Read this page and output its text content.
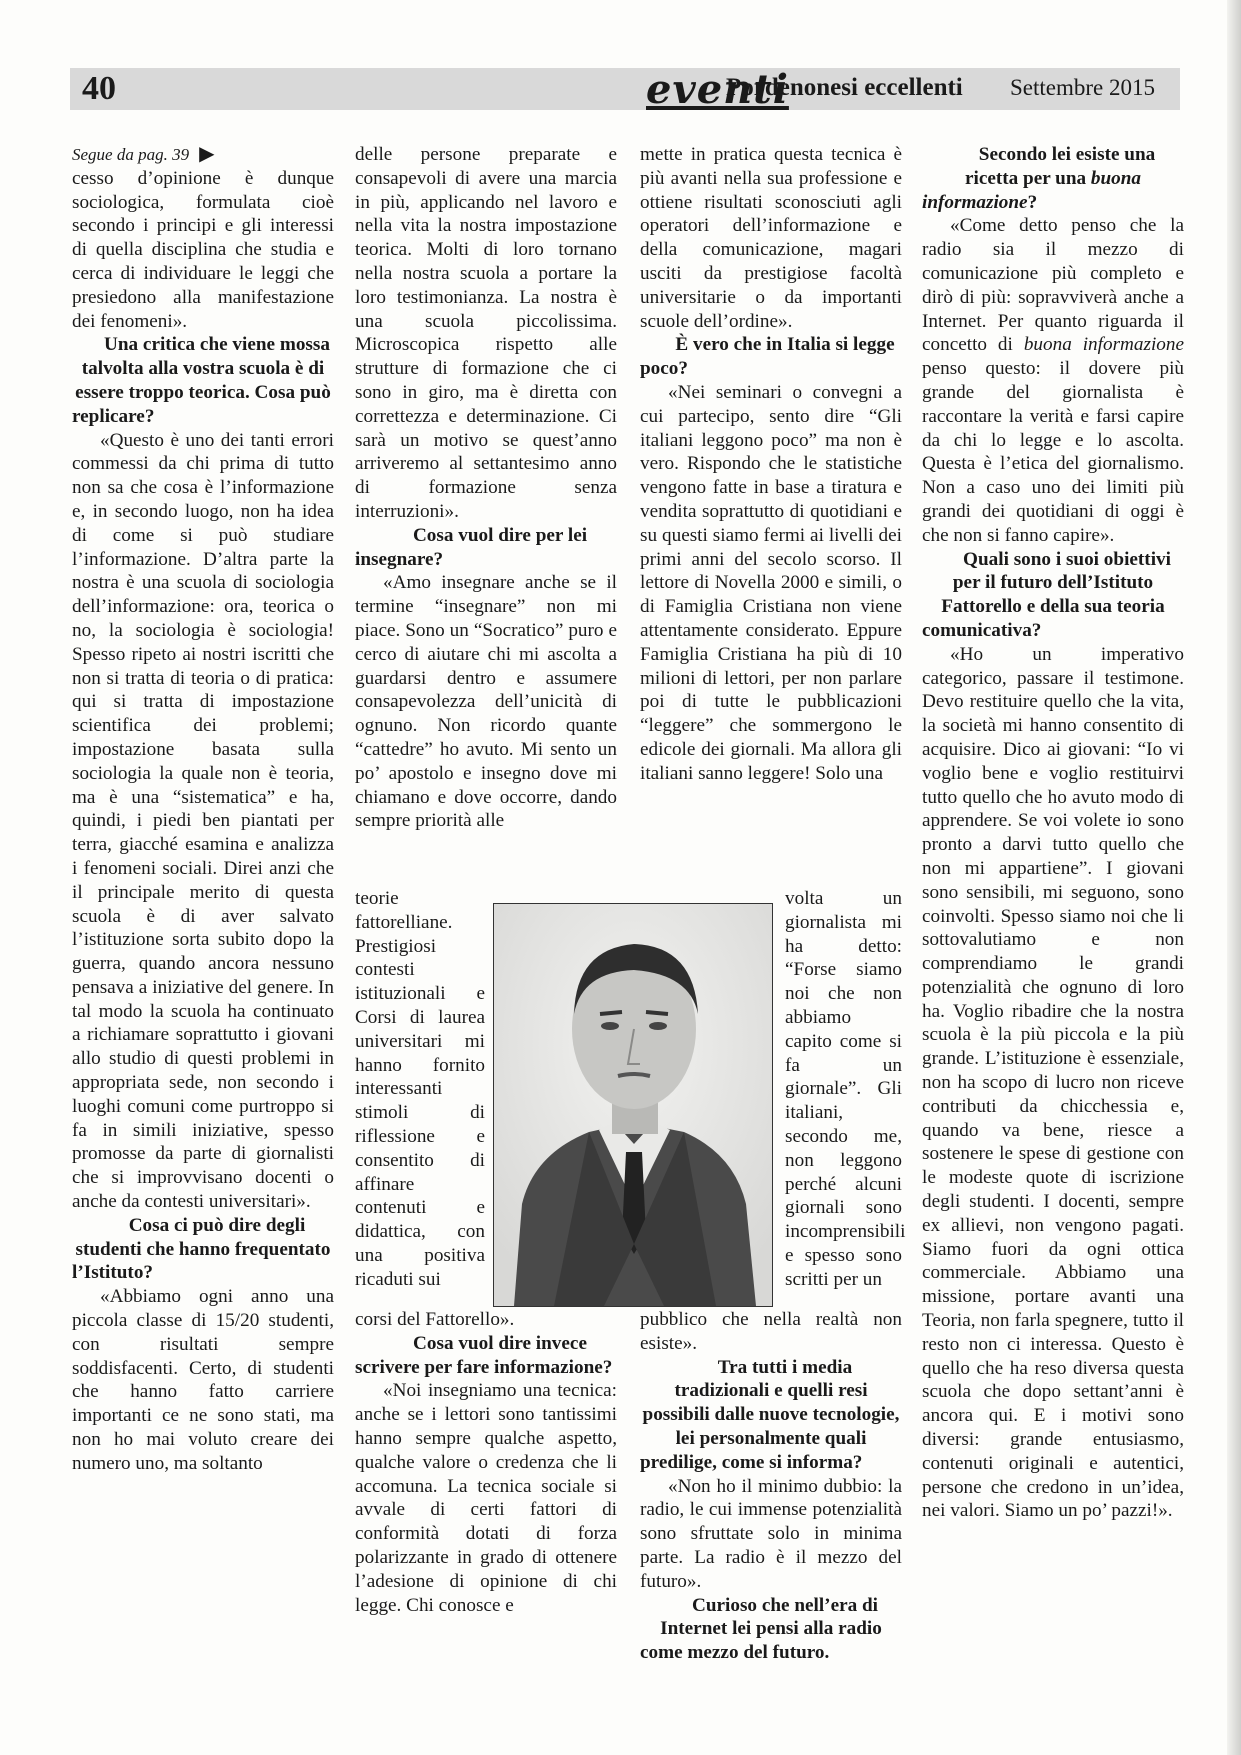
40	eventi
Pordenonesi eccellenti Settembre 2015

Segue da pag. 39 ▶

cesso d’opinione è dunque sociologica, formulata cioè secondo i principi e gli interessi di quella disciplina che studia e cerca di individuare le leggi che presiedono alla manifestazione dei fenomeni».

Una critica che viene mossa talvolta alla vostra scuola è di essere troppo teorica. Cosa può replicare?

«Questo è uno dei tanti errori commessi da chi prima di tutto non sa che cosa è l’informazione e, in secondo luogo, non ha idea di come si può studiare l’informazione. D’altra parte la nostra è una scuola di sociologia dell’informazione: ora, teorica o no, la sociologia è sociologia! Spesso ripeto ai nostri iscritti che non si tratta di teoria o di pratica: qui si tratta di impostazione scientifica dei problemi; impostazione basata sulla sociologia la quale non è teoria, ma è una “sistematica” e ha, quindi, i piedi ben piantati per terra, giacché esamina e analizza i fenomeni sociali. Direi anzi che il principale merito di questa scuola è di aver salvato l’istituzione sorta subito dopo la guerra, quando ancora nessuno pensava a iniziative del genere. In tal modo la scuola ha continuato a richiamare soprattutto i giovani allo studio di questi problemi in appropriata sede, non secondo i luoghi comuni come purtroppo si fa in simili iniziative, spesso promosse da parte di giornalisti che si improvvisano docenti o anche da contesti universitari».

Cosa ci può dire degli studenti che hanno frequentato l’Istituto?

«Abbiamo ogni anno una piccola classe di 15/20 studenti, con risultati sempre soddisfacenti. Certo, di studenti che hanno fatto carriere importanti ce ne sono stati, ma non ho mai voluto creare dei numero uno, ma soltanto

delle persone preparate e consapevoli di avere una marcia in più, applicando nel lavoro e nella vita la nostra impostazione teorica. Molti di loro tornano nella nostra scuola a portare la loro testimonianza. La nostra è una scuola piccolissima. Microscopica rispetto alle strutture di formazione che ci sono in giro, ma è diretta con correttezza e determinazione. Ci sarà un motivo se quest’anno arriveremo al settantesimo anno di formazione senza interruzioni».

Cosa vuol dire per lei insegnare?

«Amo insegnare anche se il termine “insegnare” non mi piace. Sono un “Socratico” puro e cerco di aiutare chi mi ascolta a guardarsi dentro e assumere consapevolezza dell’unicità di ognuno. Non ricordo quante “cattedre” ho avuto. Mi sento un po’ apostolo e insegno dove mi chiamano e dove occorre, dando sempre priorità alle

teorie fattorelliane. Prestigiosi contesti istituzionali e Corsi di laurea universitari mi hanno fornito interessanti stimoli di riflessione e consentito di affinare contenuti e didattica, con una positiva ricaduti sui

corsi del Fattorello».

Cosa vuol dire invece scrivere per fare informazione?

«Noi insegniamo una tecnica: anche se i lettori sono tantissimi hanno sempre qualche aspetto, qualche valore o credenza che li accomuna. La tecnica sociale si avvale di certi fattori di conformità dotati di forza polarizzante in grado di ottenere l’adesione di opinione di chi legge. Chi conosce e

mette in pratica questa tecnica è più avanti nella sua professione e ottiene risultati sconosciuti agli operatori dell’informazione e della comunicazione, magari usciti da prestigiose facoltà universitarie o da importanti scuole dell’ordine».

È vero che in Italia si legge poco?

«Nei seminari o convegni a cui partecipo, sento dire “Gli italiani leggono poco” ma non è vero. Rispondo che le statistiche vengono fatte in base a tiratura e vendita soprattutto di quotidiani e su questi siamo fermi ai livelli dei primi anni del secolo scorso. Il lettore di Novella 2000 e simili, o di Famiglia Cristiana non viene attentamente considerato. Eppure Famiglia Cristiana ha più di 10 milioni di lettori, per non parlare poi di tutte le pubblicazioni “leggere” che sommergono le edicole dei giornali. Ma allora gli italiani sanno leggere! Solo una

volta un giornalista mi ha detto: “Forse siamo noi che non abbiamo capito come si fa un giornale”. Gli italiani, secondo me, non leggono perché alcuni giornali sono incomprensibili e spesso sono scritti per un

pubblico che nella realtà non esiste».

Tra tutti i media tradizionali e quelli resi possibili dalle nuove tecnologie, lei personalmente quali predilige, come si informa?

«Non ho il minimo dubbio: la radio, le cui immense potenzialità sono sfruttate solo in minima parte. La radio è il mezzo del futuro».

Curioso che nell’era di Internet lei pensi alla radio come mezzo del futuro.

Secondo lei esiste una ricetta per una buona informazione?

«Come detto penso che la radio sia il mezzo di comunicazione più completo e dirò di più: sopravviverà anche a Internet. Per quanto riguarda il concetto di buona informazione penso questo: il dovere più grande del giornalista è raccontare la verità e farsi capire da chi lo legge e lo ascolta. Questa è l’etica del giornalismo. Non a caso uno dei limiti più grandi dei quotidiani di oggi è che non si fanno capire».

Quali sono i suoi obiettivi per il futuro dell’Istituto Fattorello e della sua teoria comunicativa?

«Ho un imperativo categorico, passare il testimone. Devo restituire quello che la vita, la società mi hanno consentito di acquisire. Dico ai giovani: “Io vi voglio bene e voglio restituirvi tutto quello che ho avuto modo di apprendere. Se voi volete io sono pronto a darvi tutto quello che non mi appartiene”. I giovani sono sensibili, mi seguono, sono coinvolti. Spesso siamo noi che li sottovalutiamo e non comprendiamo le grandi potenzialità che ognuno di loro ha. Voglio ribadire che la nostra scuola è la più piccola e la più grande. L’istituzione è essenziale, non ha scopo di lucro non riceve contributi da chicchessia e, quando va bene, riesce a sostenere le spese di gestione con le modeste quote di iscrizione degli studenti. I docenti, sempre ex allievi, non vengono pagati. Siamo fuori da ogni ottica commerciale. Abbiamo una missione, portare avanti una Teoria, non farla spegnere, tutto il resto non ci interessa. Questo è quello che ha reso diversa questa scuola che dopo settant’anni è ancora qui. E i motivi sono diversi: grande entusiasmo, contenuti originali e autentici, persone che credono in un’idea, nei valori. Siamo un po’ pazzi!».
